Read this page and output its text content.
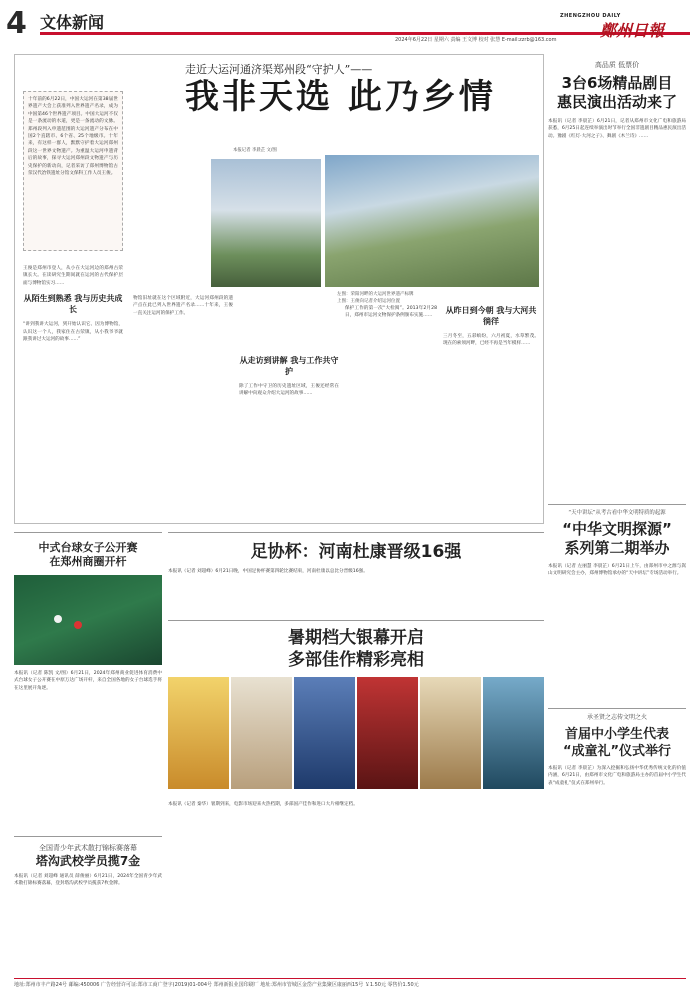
4 文体新闻
2024年6月22日 星期六 责编 王文博 校对 张慧 E-mail:zzrb@163.com
ZHENGZHOU DAILY
鄭州日報
走近大运河通济渠郑州段“守护人”——
我非天选 此乃乡情
本报记者 李晨芷 文/图
左图：荣阳河畔的大运河世界遗产标牌
上图：王俊向记者介绍运河位置
十年前的6月22日，中国大运河在第38届世界遗产大会上获准列入世界遗产名录，成为中国第46个世界遗产项目。中国大运河不仅是一条流动的水道，更是一条流动的文脉。郑州段列入申遗范围的大运河遗产分布在中国2个直辖市、6个省、25个地级市。十年来，有这样一群人，默默守护着大运河郑州段这一世界文物遗产。为重温大运河申遗背后的故事，探寻大运河郑州段文物遗产与历史保护的新动向，记者采访了郑州博物馆古荥汉代冶铁遗址分馆文保科工作人员王俊。
王俊是郑州市登人，从小在大运河边的郑州古荥镇长大。在读研究生期间就在运河的古代保护层面与博物馆实习……
从陌生到熟悉 我与历史共成长
“讲到我讲大运河，到开始认识它、因为博物馆，认识这一个人，我家住在古荥镇，从小我爷爷就跟我讲过大运河的故事……”
物馆旧址就在这个区域附近，大运河郑州段的遗产点在此已列入世界遗产名录……十年来，王俊一直关注运河的保护工作。
从走访到讲解 我与工作共守护
除了工作中守卫的历史遗址区域，王俊还经常在讲解中向观众介绍大运河的故事……
保护工作的第一次“大检阅”。2013年2月28日，郑州市运河文物保护条例颁布实施……
从昨日到今朝 我与大河共徜徉
三月冬至，五彩缤纷，六月初夏，水草繁茂。现在的索须河畔，已经不再是当年模样……
高品质 低票价
3台6场精品剧目
惠民演出活动来了
本报讯（记者 李晨芷）6月21日，记者从郑州市文化广电和旅游局获悉，6月25日起连续举演出时节举行全国非遗剧目精品惠民演出活动。豫剧《红灯·大河之子》、舞剧《木兰诗》……
“天中讲坛”从考古看中华文明特质的起源
“中华文明探源”
系列第二期举办
本报讯（记者 左丽慧 李晨芷）6月21日上午，由郑州市中之源与嵩山文明研究会主办，郑州博物馆承办的“天中讲坛”专场活动举行。
承圣贤之志传文明之火
首届中小学生代表
“成童礼”仪式举行
本报讯（记者 李晨芷）为深入挖掘和弘扬中华优秀传统文化的价值内涵，6月21日，由郑州市文化广电和旅游局主办的首届中小学生代表“成童礼”仪式在郑州举行。
中式台球女子公开赛
在郑州商圈开杆
本报讯（记者 陈凯 文/图）6月21日，2024年郑州商业促进体育消费中式台球女子公开赛在中原万达广场开杆，来自全国各地的女子台球选手将在这里展开角逐。
足协杯：河南杜康晋级16强
本报讯（记者 刘超峰）6月21日晚，中国足协杯赛第四轮比赛结束，河南杜康以总比分晋级16强。
暑期档大银幕开启
多部佳作精彩亮相
本报讯（记者 秦华）暑期到来，电影市场迎来火热档期，多部国产佳作和进口大片相继定档。
全国青少年武术散打锦标赛落幕
塔沟武校学员揽7金
本报讯（记者 刘超峰 通讯员 薛俊丽）6月21日，2024年全国青少年武术散打锦标赛落幕，登封塔沟武校学员揽获7枚金牌。
地址:郑州市丰产路24号 邮编:450006 广告经营许可证:郑市工商广登字(2019)01-004号 郑州新报业国印刷厂 地址:郑州市管城区金岱产业集聚区康丽西15号 ￥1.50元 零售价1.50元
